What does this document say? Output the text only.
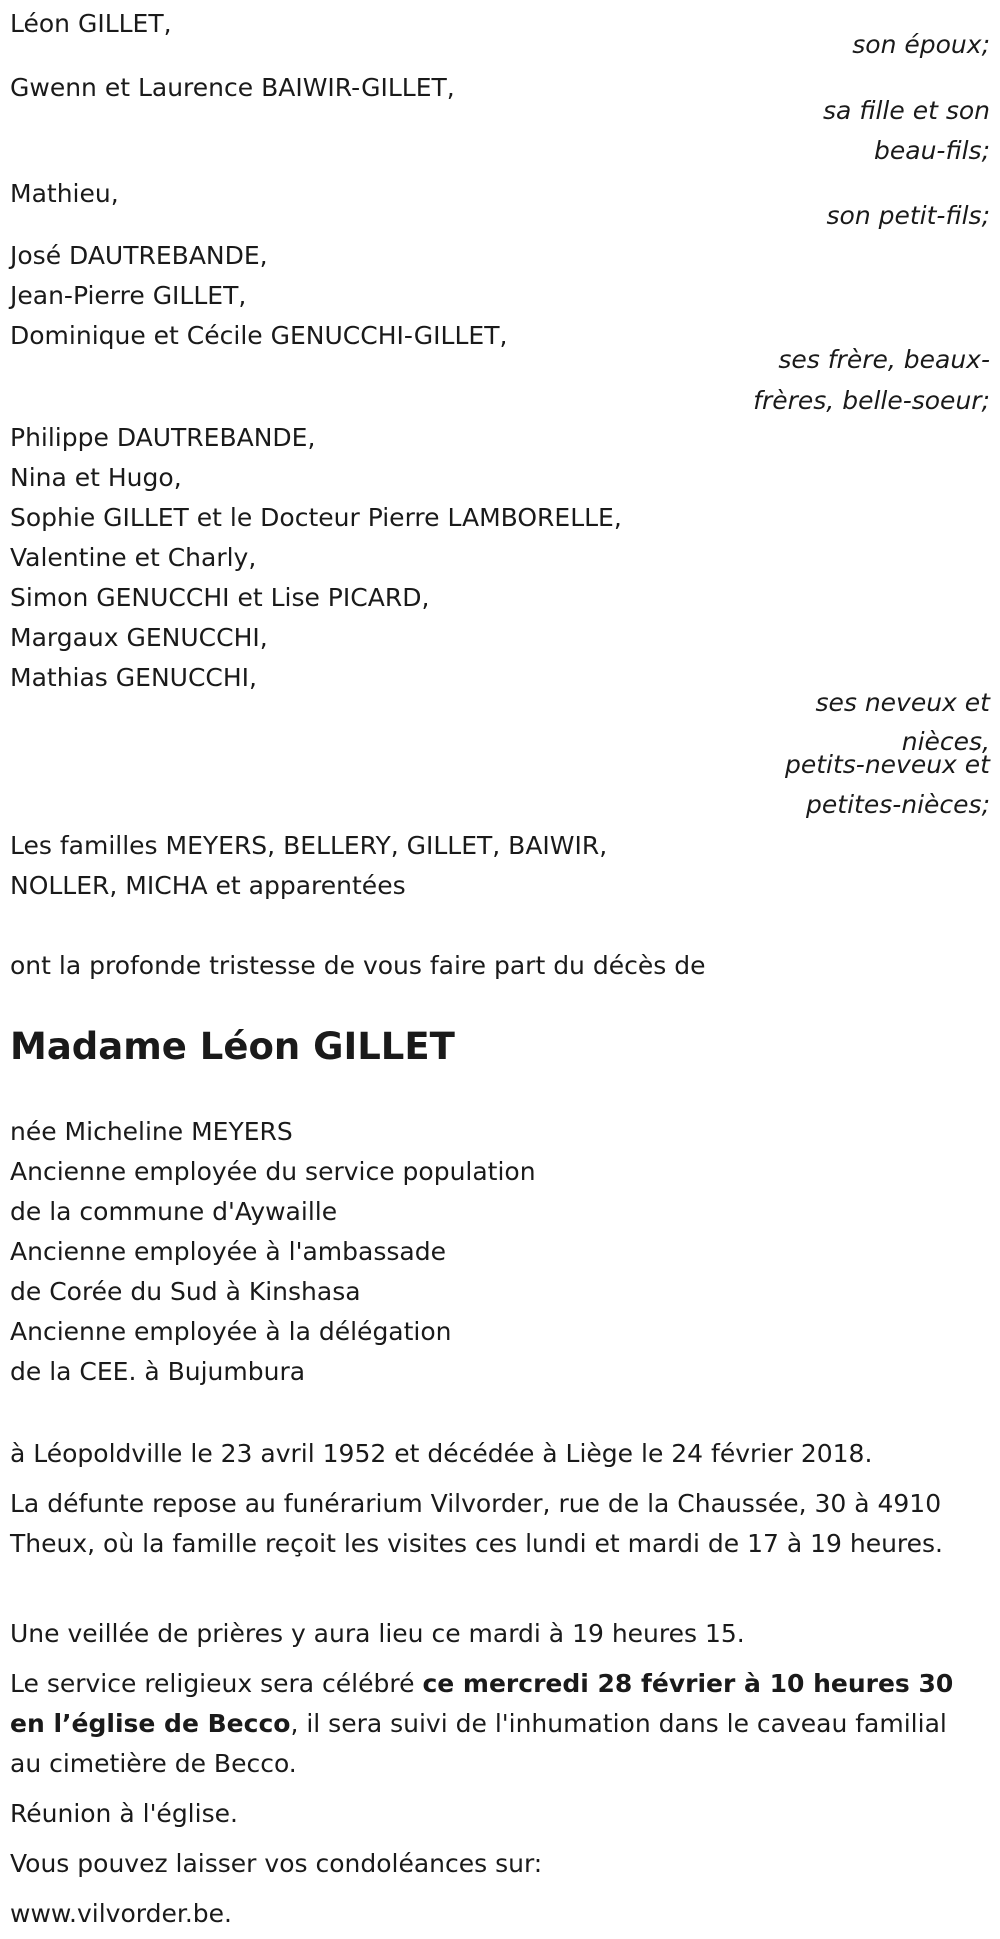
Léon GILLET,
son époux;
Gwenn et Laurence BAIWIR-GILLET,
sa fille et son
beau-fils;
Mathieu,
son petit-fils;
José DAUTREBANDE,
Jean-Pierre GILLET,
Dominique et Cécile GENUCCHI-GILLET,
ses frère, beaux-
frères, belle-soeur;
Philippe DAUTREBANDE,
Nina et Hugo,
Sophie GILLET et le Docteur Pierre LAMBORELLE,
Valentine et Charly,
Simon GENUCCHI et Lise PICARD,
Margaux GENUCCHI,
Mathias GENUCCHI,
ses neveux et
nièces,
petits-neveux et
petites-nièces;
Les familles MEYERS, BELLERY, GILLET, BAIWIR,
NOLLER, MICHA et apparentées
ont la profonde tristesse de vous faire part du décès de
Madame Léon GILLET
née Micheline MEYERS
Ancienne employée du service population
de la commune d'Aywaille
Ancienne employée à l'ambassade
de Corée du Sud à Kinshasa
Ancienne employée à la délégation
de la CEE. à Bujumbura
à Léopoldville le 23 avril 1952 et décédée à Liège le 24 février 2018.
La défunte repose au funérarium Vilvorder, rue de la Chaussée, 30 à 4910 Theux, où la famille reçoit les visites ces lundi et mardi de 17 à 19 heures.
Une veillée de prières y aura lieu ce mardi à 19 heures 15.
Le service religieux sera célébré ce mercredi 28 février à 10 heures 30 en l’église de Becco, il sera suivi de l'inhumation dans le caveau familial au cimetière de Becco.
Réunion à l'église.
Vous pouvez laisser vos condoléances sur:
www.vilvorder.be.
